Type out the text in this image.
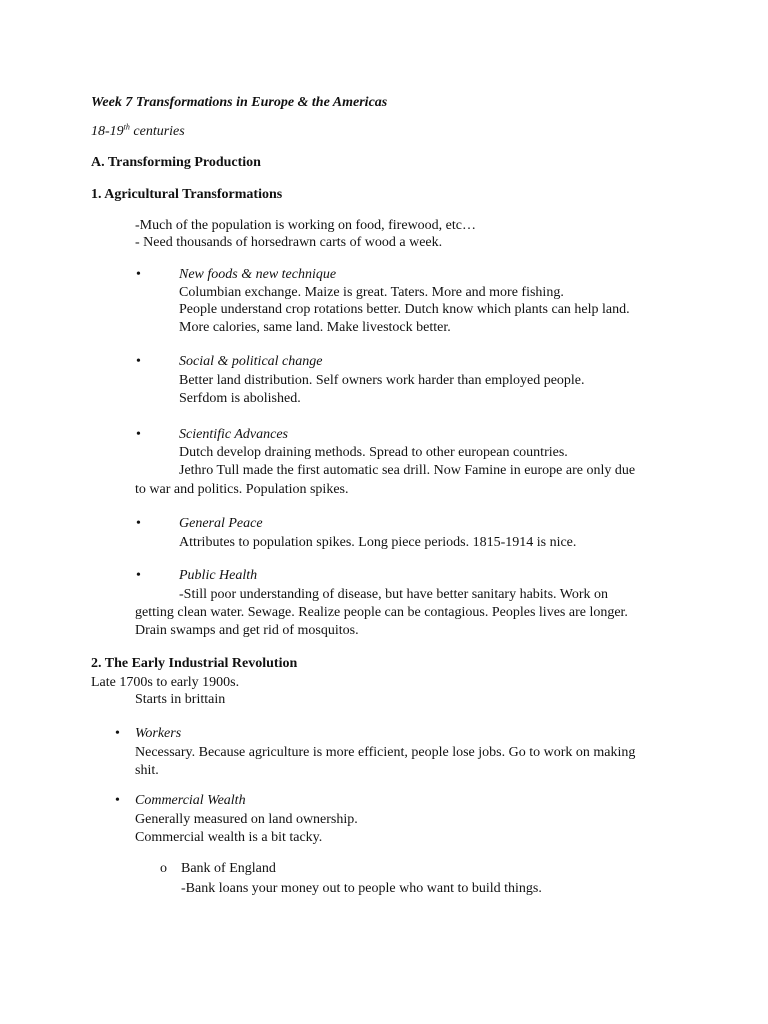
Week 7 Transformations in Europe & the Americas
18-19th centuries
A. Transforming Production
1. Agricultural Transformations
-Much of the population is working on food, firewood, etc…
- Need thousands of horsedrawn carts of wood a week.
•	New foods & new technique
Columbian exchange. Maize is great. Taters. More and more fishing.
People understand crop rotations better. Dutch know which plants can help land.
More calories, same land. Make livestock better.
•	Social & political change
Better land distribution. Self owners work harder than employed people.
Serfdom is abolished.
•	Scientific Advances
Dutch develop draining methods. Spread to other european countries.
Jethro Tull made the first automatic sea drill. Now Famine in europe are only due
to war and politics. Population spikes.
•	General Peace
Attributes to population spikes. Long piece periods. 1815-1914 is nice.
•	Public Health
-Still poor understanding of disease, but have better sanitary habits. Work on
getting clean water. Sewage. Realize people can be contagious. Peoples lives are longer.
Drain swamps and get rid of mosquitos.
2. The Early Industrial Revolution
Late 1700s to early 1900s.
Starts in brittain
• Workers
Necessary. Because agriculture is more efficient, people lose jobs. Go to work on making
shit.
• Commercial Wealth
Generally measured on land ownership.
Commercial wealth is a bit tacky.
o Bank of England
-Bank loans your money out to people who want to build things.
